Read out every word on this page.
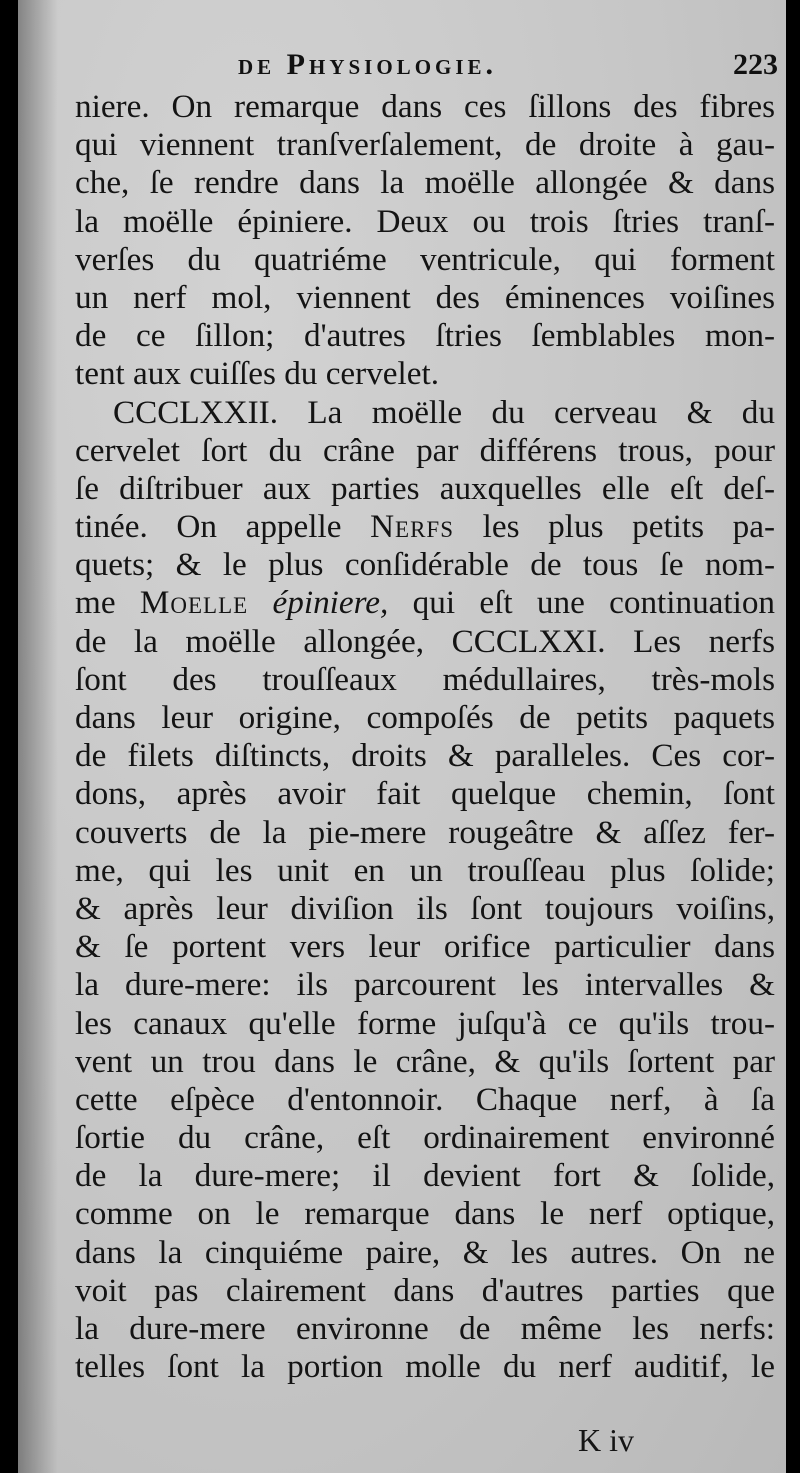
de Physiologie.	223
niere. On remarque dans ces ſillons des fibres
qui viennent tranſverſalement, de droite à gau-
che, ſe rendre dans la moëlle allongée & dans
la moëlle épiniere. Deux ou trois ſtries tranſ-
verſes du quatriéme ventricule, qui forment
un nerf mol, viennent des éminences voiſines
de ce ſillon; d'autres ſtries ſemblables mon-
tent aux cuiſſes du cervelet.
CCCLXXII. La moëlle du cerveau & du
cervelet ſort du crâne par différens trous, pour
ſe diſtribuer aux parties auxquelles elle eſt deſ-
tinée. On appelle Nerfs les plus petits pa-
quets; & le plus conſidérable de tous ſe nom-
me Moelle épiniere, qui eſt une continuation
de la moëlle allongée, CCCLXXI. Les nerfs
ſont des trouſſeaux médullaires, très-mols
dans leur origine, compoſés de petits paquets
de filets diſtincts, droits & paralleles. Ces cor-
dons, après avoir fait quelque chemin, ſont
couverts de la pie-mere rougeâtre & aſſez fer-
me, qui les unit en un trouſſeau plus ſolide;
& après leur diviſion ils ſont toujours voiſins,
& ſe portent vers leur orifice particulier dans
la dure-mere: ils parcourent les intervalles &
les canaux qu'elle forme juſqu'à ce qu'ils trou-
vent un trou dans le crâne, & qu'ils ſortent par
cette eſpèce d'entonnoir. Chaque nerf, à ſa
ſortie du crâne, eſt ordinairement environné
de la dure-mere; il devient fort & ſolide,
comme on le remarque dans le nerf optique,
dans la cinquiéme paire, & les autres. On ne
voit pas clairement dans d'autres parties que
la dure-mere environne de même les nerfs:
telles ſont la portion molle du nerf auditif, le
K iv
